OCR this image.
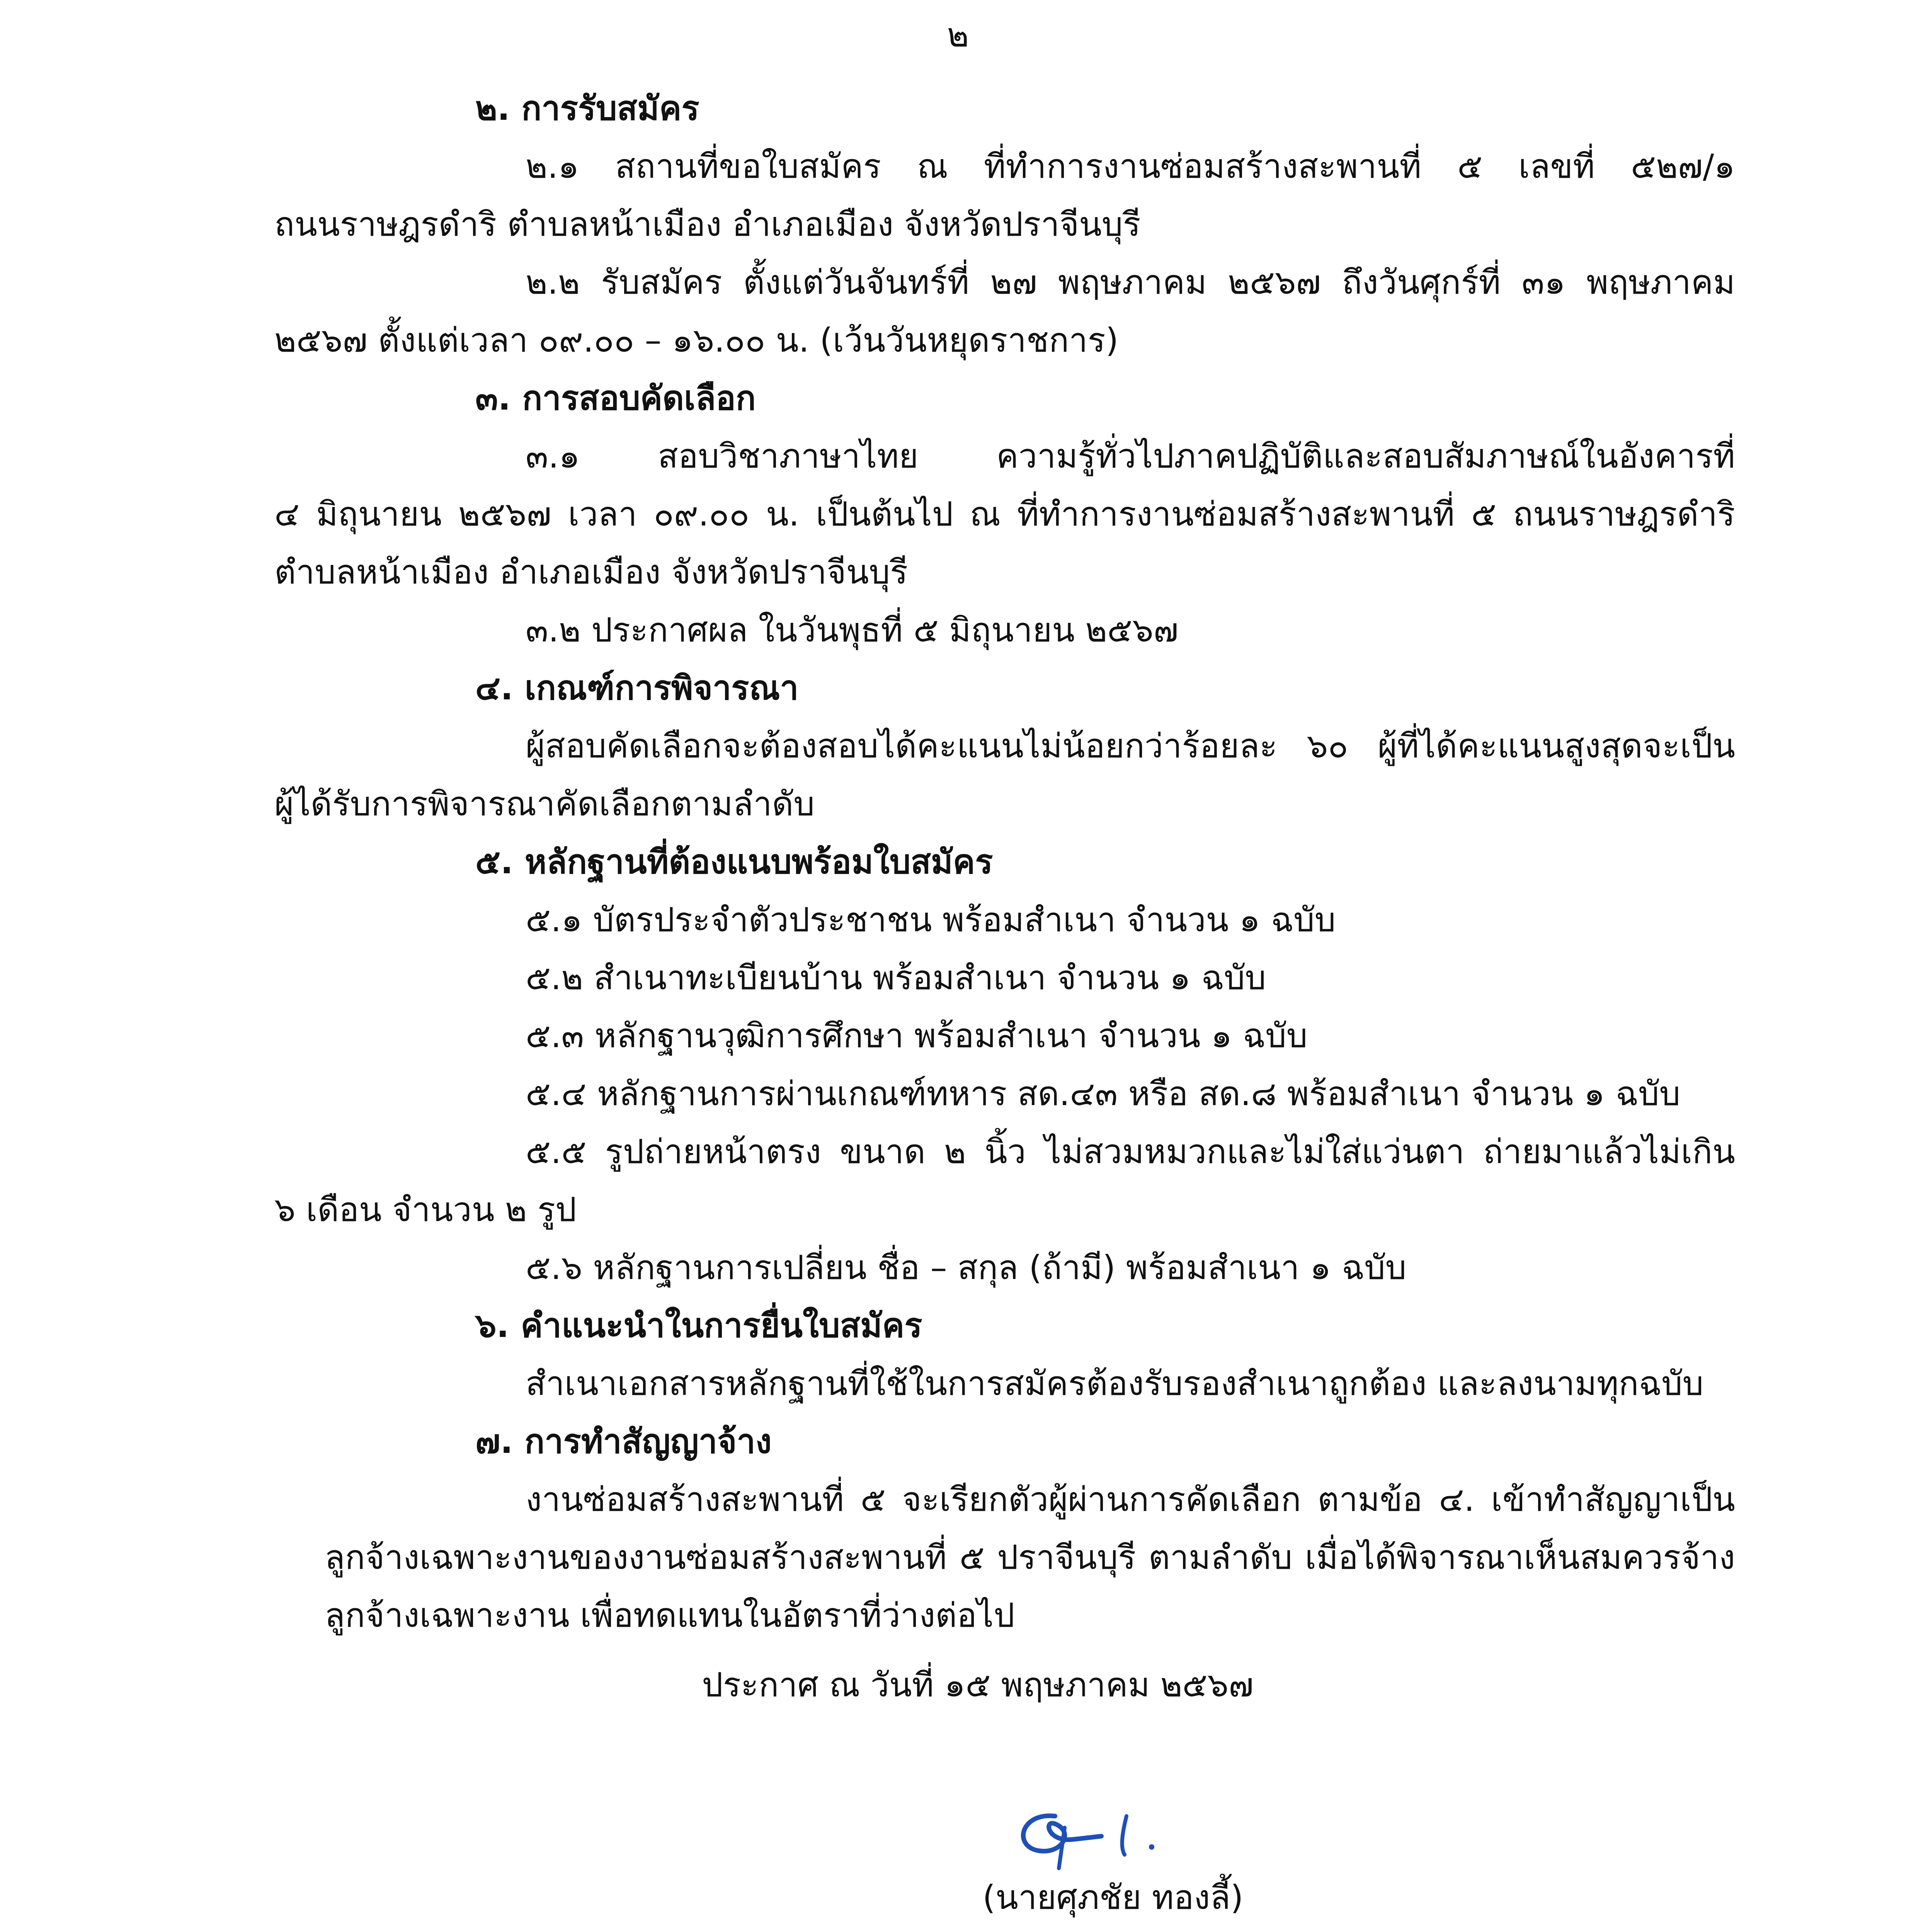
๒
๒. การรับสมัคร
๒.๑ สถานที่ขอใบสมัคร ณ ที่ทำการงานซ่อมสร้างสะพานที่ ๕ เลขที่ ๕๒๗/๑
ถนนราษฎรดำริ ตำบลหน้าเมือง อำเภอเมือง จังหวัดปราจีนบุรี
๒.๒ รับสมัคร ตั้งแต่วันจันทร์ที่ ๒๗ พฤษภาคม ๒๕๖๗ ถึงวันศุกร์ที่ ๓๑ พฤษภาคม
๒๕๖๗ ตั้งแต่เวลา ๐๙.๐๐ – ๑๖.๐๐ น. (เว้นวันหยุดราชการ)
๓. การสอบคัดเลือก
๓.๑ สอบวิชาภาษาไทย ความรู้ทั่วไปภาคปฏิบัติและสอบสัมภาษณ์ในอังคารที่
๔ มิถุนายน ๒๕๖๗ เวลา ๐๙.๐๐ น. เป็นต้นไป ณ ที่ทำการงานซ่อมสร้างสะพานที่ ๕ ถนนราษฎรดำริ
ตำบลหน้าเมือง อำเภอเมือง จังหวัดปราจีนบุรี
๓.๒ ประกาศผล ในวันพุธที่ ๕ มิถุนายน ๒๕๖๗
๔. เกณฑ์การพิจารณา
ผู้สอบคัดเลือกจะต้องสอบได้คะแนนไม่น้อยกว่าร้อยละ ๖๐ ผู้ที่ได้คะแนนสูงสุดจะเป็น
ผู้ได้รับการพิจารณาคัดเลือกตามลำดับ
๕. หลักฐานที่ต้องแนบพร้อมใบสมัคร
๕.๑ บัตรประจำตัวประชาชน พร้อมสำเนา จำนวน ๑ ฉบับ
๕.๒ สำเนาทะเบียนบ้าน พร้อมสำเนา จำนวน ๑ ฉบับ
๕.๓ หลักฐานวุฒิการศึกษา พร้อมสำเนา จำนวน ๑ ฉบับ
๕.๔ หลักฐานการผ่านเกณฑ์ทหาร สด.๔๓ หรือ สด.๘ พร้อมสำเนา จำนวน ๑ ฉบับ
๕.๕ รูปถ่ายหน้าตรง ขนาด ๒ นิ้ว ไม่สวมหมวกและไม่ใส่แว่นตา ถ่ายมาแล้วไม่เกิน
๖ เดือน จำนวน ๒ รูป
๕.๖ หลักฐานการเปลี่ยน ชื่อ – สกุล (ถ้ามี) พร้อมสำเนา ๑ ฉบับ
๖. คำแนะนำในการยื่นใบสมัคร
สำเนาเอกสารหลักฐานที่ใช้ในการสมัครต้องรับรองสำเนาถูกต้อง และลงนามทุกฉบับ
๗. การทำสัญญาจ้าง
งานซ่อมสร้างสะพานที่ ๕ จะเรียกตัวผู้ผ่านการคัดเลือก ตามข้อ ๔. เข้าทำสัญญาเป็น
ลูกจ้างเฉพาะงานของงานซ่อมสร้างสะพานที่ ๕ ปราจีนบุรี ตามลำดับ เมื่อได้พิจารณาเห็นสมควรจ้าง
ลูกจ้างเฉพาะงาน เพื่อทดแทนในอัตราที่ว่างต่อไป
ประกาศ ณ วันที่ ๑๕ พฤษภาคม ๒๕๖๗
(นายศุภชัย ทองลี้)
